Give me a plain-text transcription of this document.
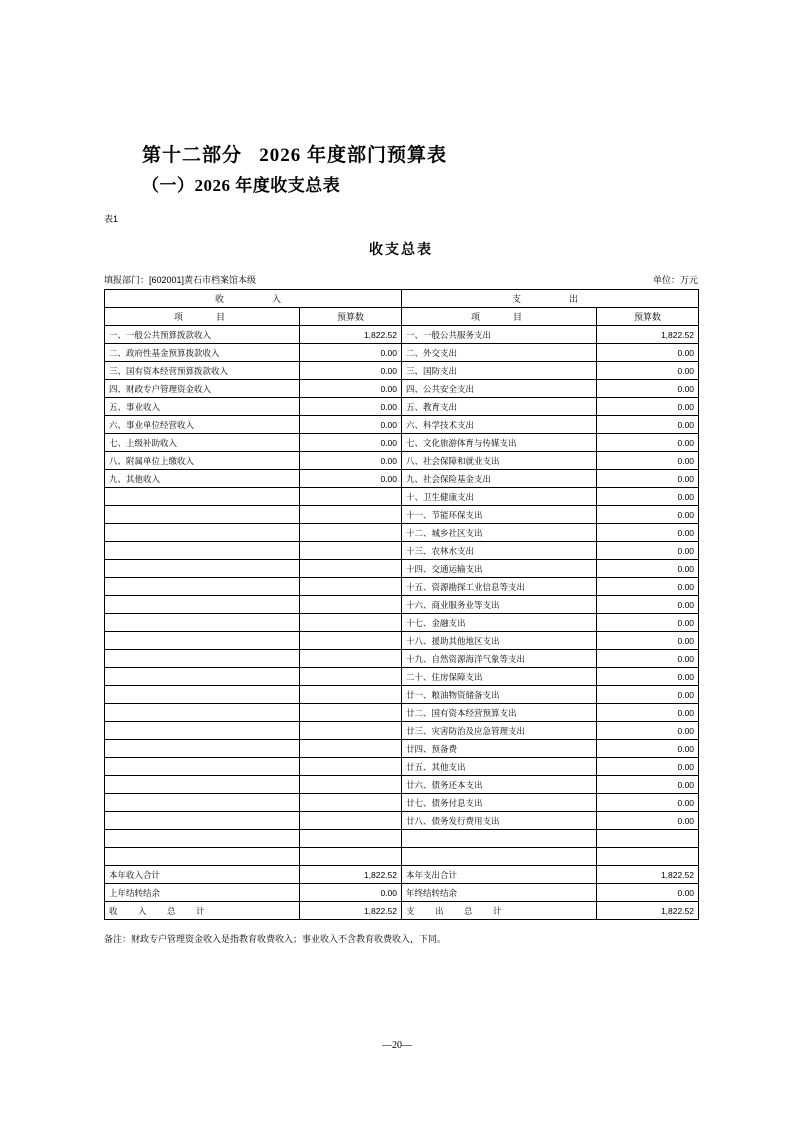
第十二部分   2026 年度部门预算表
（一）2026 年度收支总表
表1
收支总表
填报部门：[602001]黄石市档案馆本级	单位：万元
收　　入		支　　出	
项　　目	预算数	项　　目	预算数
一、一般公共预算拨款收入	1,822.52	一、一般公共服务支出	1,822.52
二、政府性基金预算拨款收入	0.00	二、外交支出	0.00
三、国有资本经营预算拨款收入	0.00	三、国防支出	0.00
四、财政专户管理资金收入	0.00	四、公共安全支出	0.00
五、事业收入	0.00	五、教育支出	0.00
六、事业单位经营收入	0.00	六、科学技术支出	0.00
七、上级补助收入	0.00	七、文化旅游体育与传媒支出	0.00
八、附属单位上缴收入	0.00	八、社会保障和就业支出	0.00
九、其他收入	0.00	九、社会保险基金支出	0.00
		十、卫生健康支出	0.00
		十一、节能环保支出	0.00
		十二、城乡社区支出	0.00
		十三、农林水支出	0.00
		十四、交通运输支出	0.00
		十五、资源勘探工业信息等支出	0.00
		十六、商业服务业等支出	0.00
		十七、金融支出	0.00
		十八、援助其他地区支出	0.00
		十九、自然资源海洋气象等支出	0.00
		二十、住房保障支出	0.00
		廿一、粮油物资储备支出	0.00
		廿二、国有资本经营预算支出	0.00
		廿三、灾害防治及应急管理支出	0.00
		廿四、预备费	0.00
		廿五、其他支出	0.00
		廿六、债务还本支出	0.00
		廿七、债务付息支出	0.00
		廿八、债务发行费用支出	0.00

本年收入合计	1,822.52	本年支出合计	1,822.52
上年结转结余	0.00	年终结转结余	0.00
收　入　总　计	1,822.52	支　出　总　计	1,822.52
备注：财政专户管理资金收入是指教育收费收入；事业收入不含教育收费收入，下同。
—20—
